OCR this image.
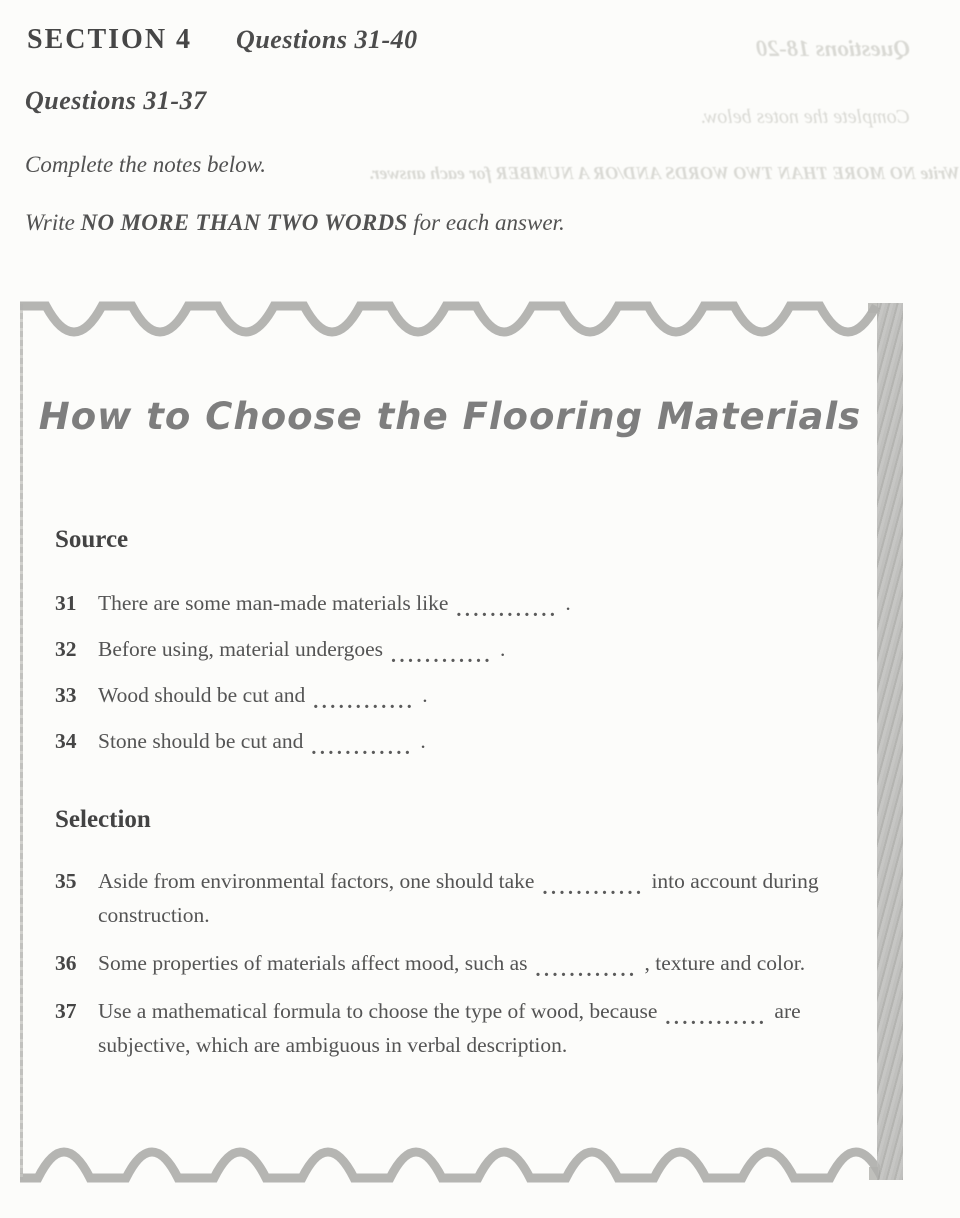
SECTION 4 Questions 31-40
Questions 31-37
Complete the notes below.
Write NO MORE THAN TWO WORDS for each answer.
Questions 18-20
Complete the notes below.
Write NO MORE THAN TWO WORDS AND/OR A NUMBER for each answer.
How to Choose the Flooring Materials
Source
31	There are some man-made materials like ............ .
32	Before using, material undergoes ............ .
33	Wood should be cut and ............ .
34	Stone should be cut and ............ .
Selection
35	Aside from environmental factors, one should take ............ into account during construction.
36	Some properties of materials affect mood, such as ............ , texture and color.
37	Use a mathematical formula to choose the type of wood, because ............ are subjective, which are ambiguous in verbal description.
